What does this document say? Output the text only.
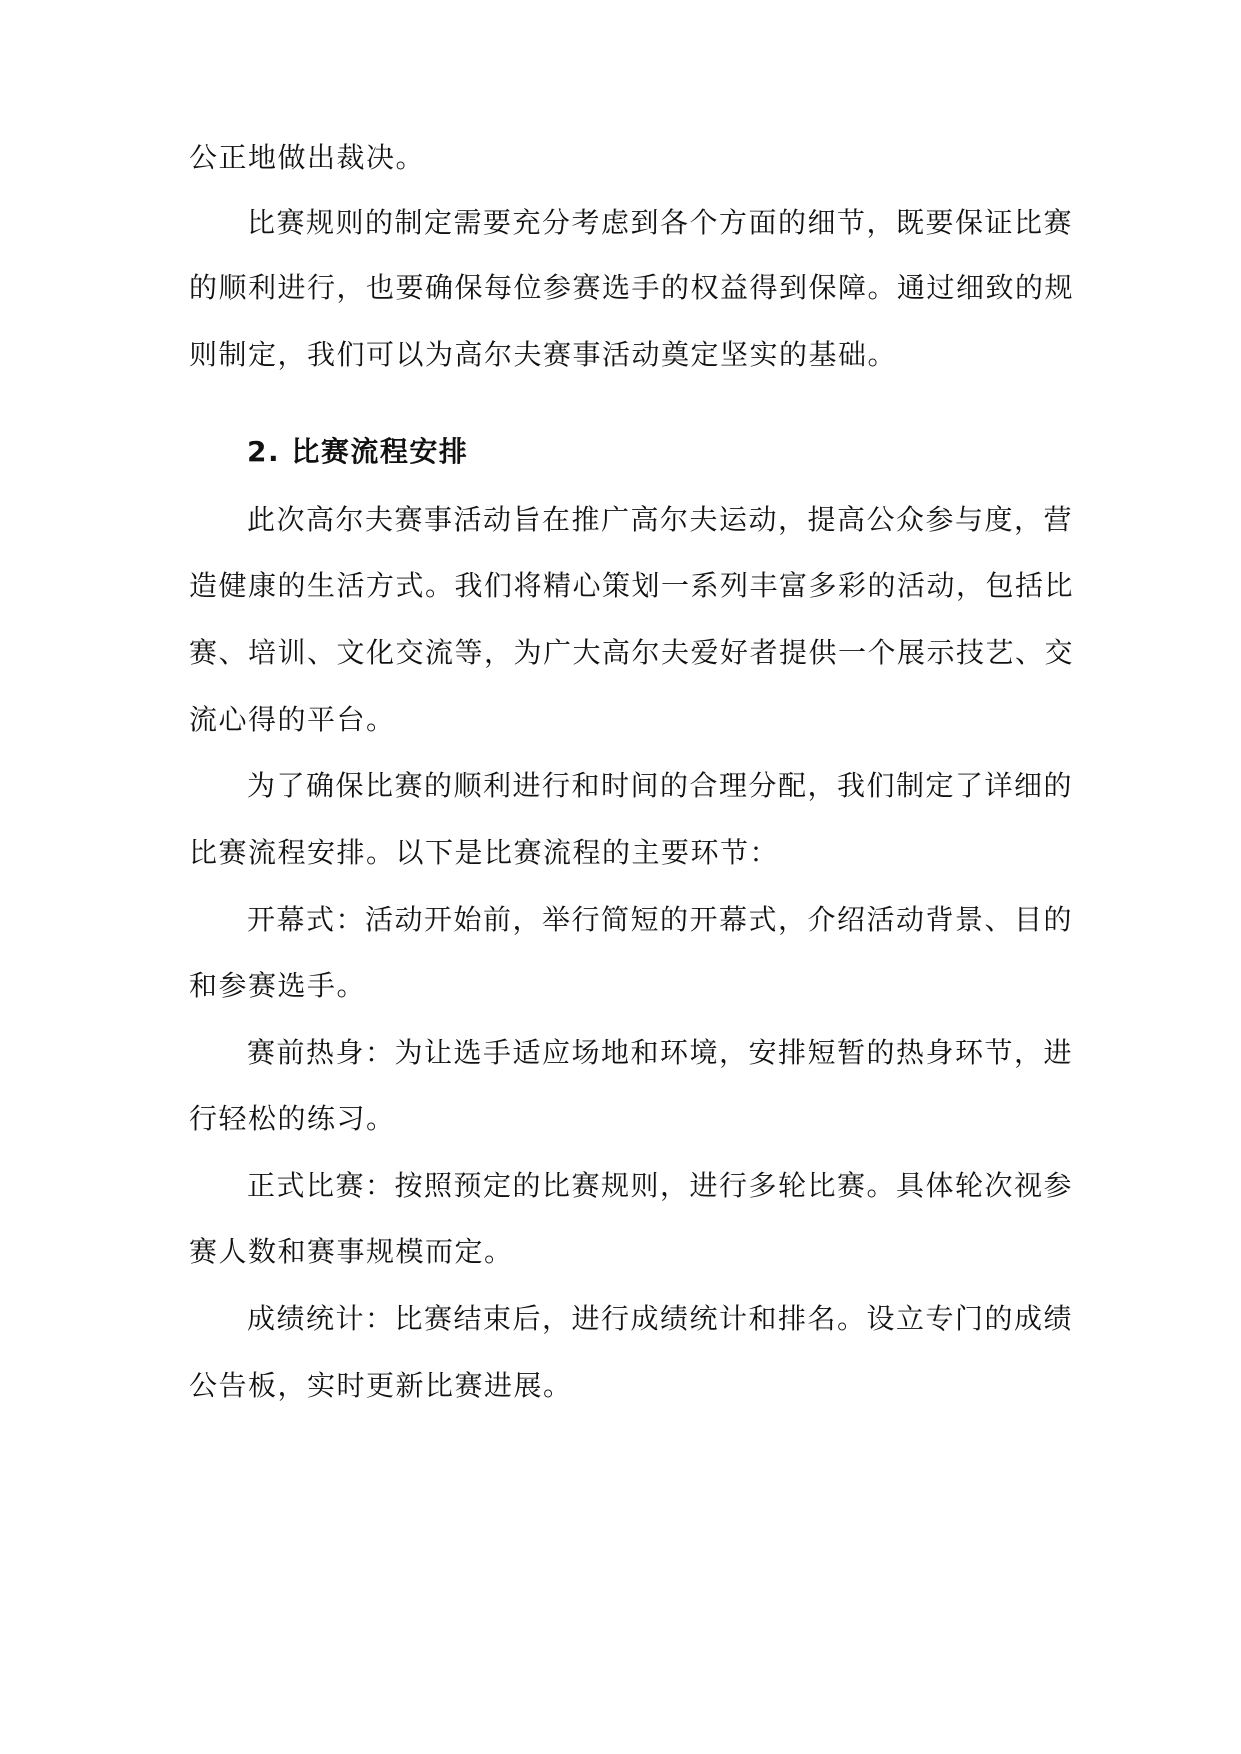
公正地做出裁决。
比赛规则的制定需要充分考虑到各个方面的细节，既要保证比赛
的顺利进行，也要确保每位参赛选手的权益得到保障。通过细致的规
则制定，我们可以为高尔夫赛事活动奠定坚实的基础。
2. 比赛流程安排
此次高尔夫赛事活动旨在推广高尔夫运动，提高公众参与度，营
造健康的生活方式。我们将精心策划一系列丰富多彩的活动，包括比
赛、培训、文化交流等，为广大高尔夫爱好者提供一个展示技艺、交
流心得的平台。
为了确保比赛的顺利进行和时间的合理分配，我们制定了详细的
比赛流程安排。以下是比赛流程的主要环节：
开幕式：活动开始前，举行简短的开幕式，介绍活动背景、目的
和参赛选手。
赛前热身：为让选手适应场地和环境，安排短暂的热身环节，进
行轻松的练习。
正式比赛：按照预定的比赛规则，进行多轮比赛。具体轮次视参
赛人数和赛事规模而定。
成绩统计：比赛结束后，进行成绩统计和排名。设立专门的成绩
公告板，实时更新比赛进展。
